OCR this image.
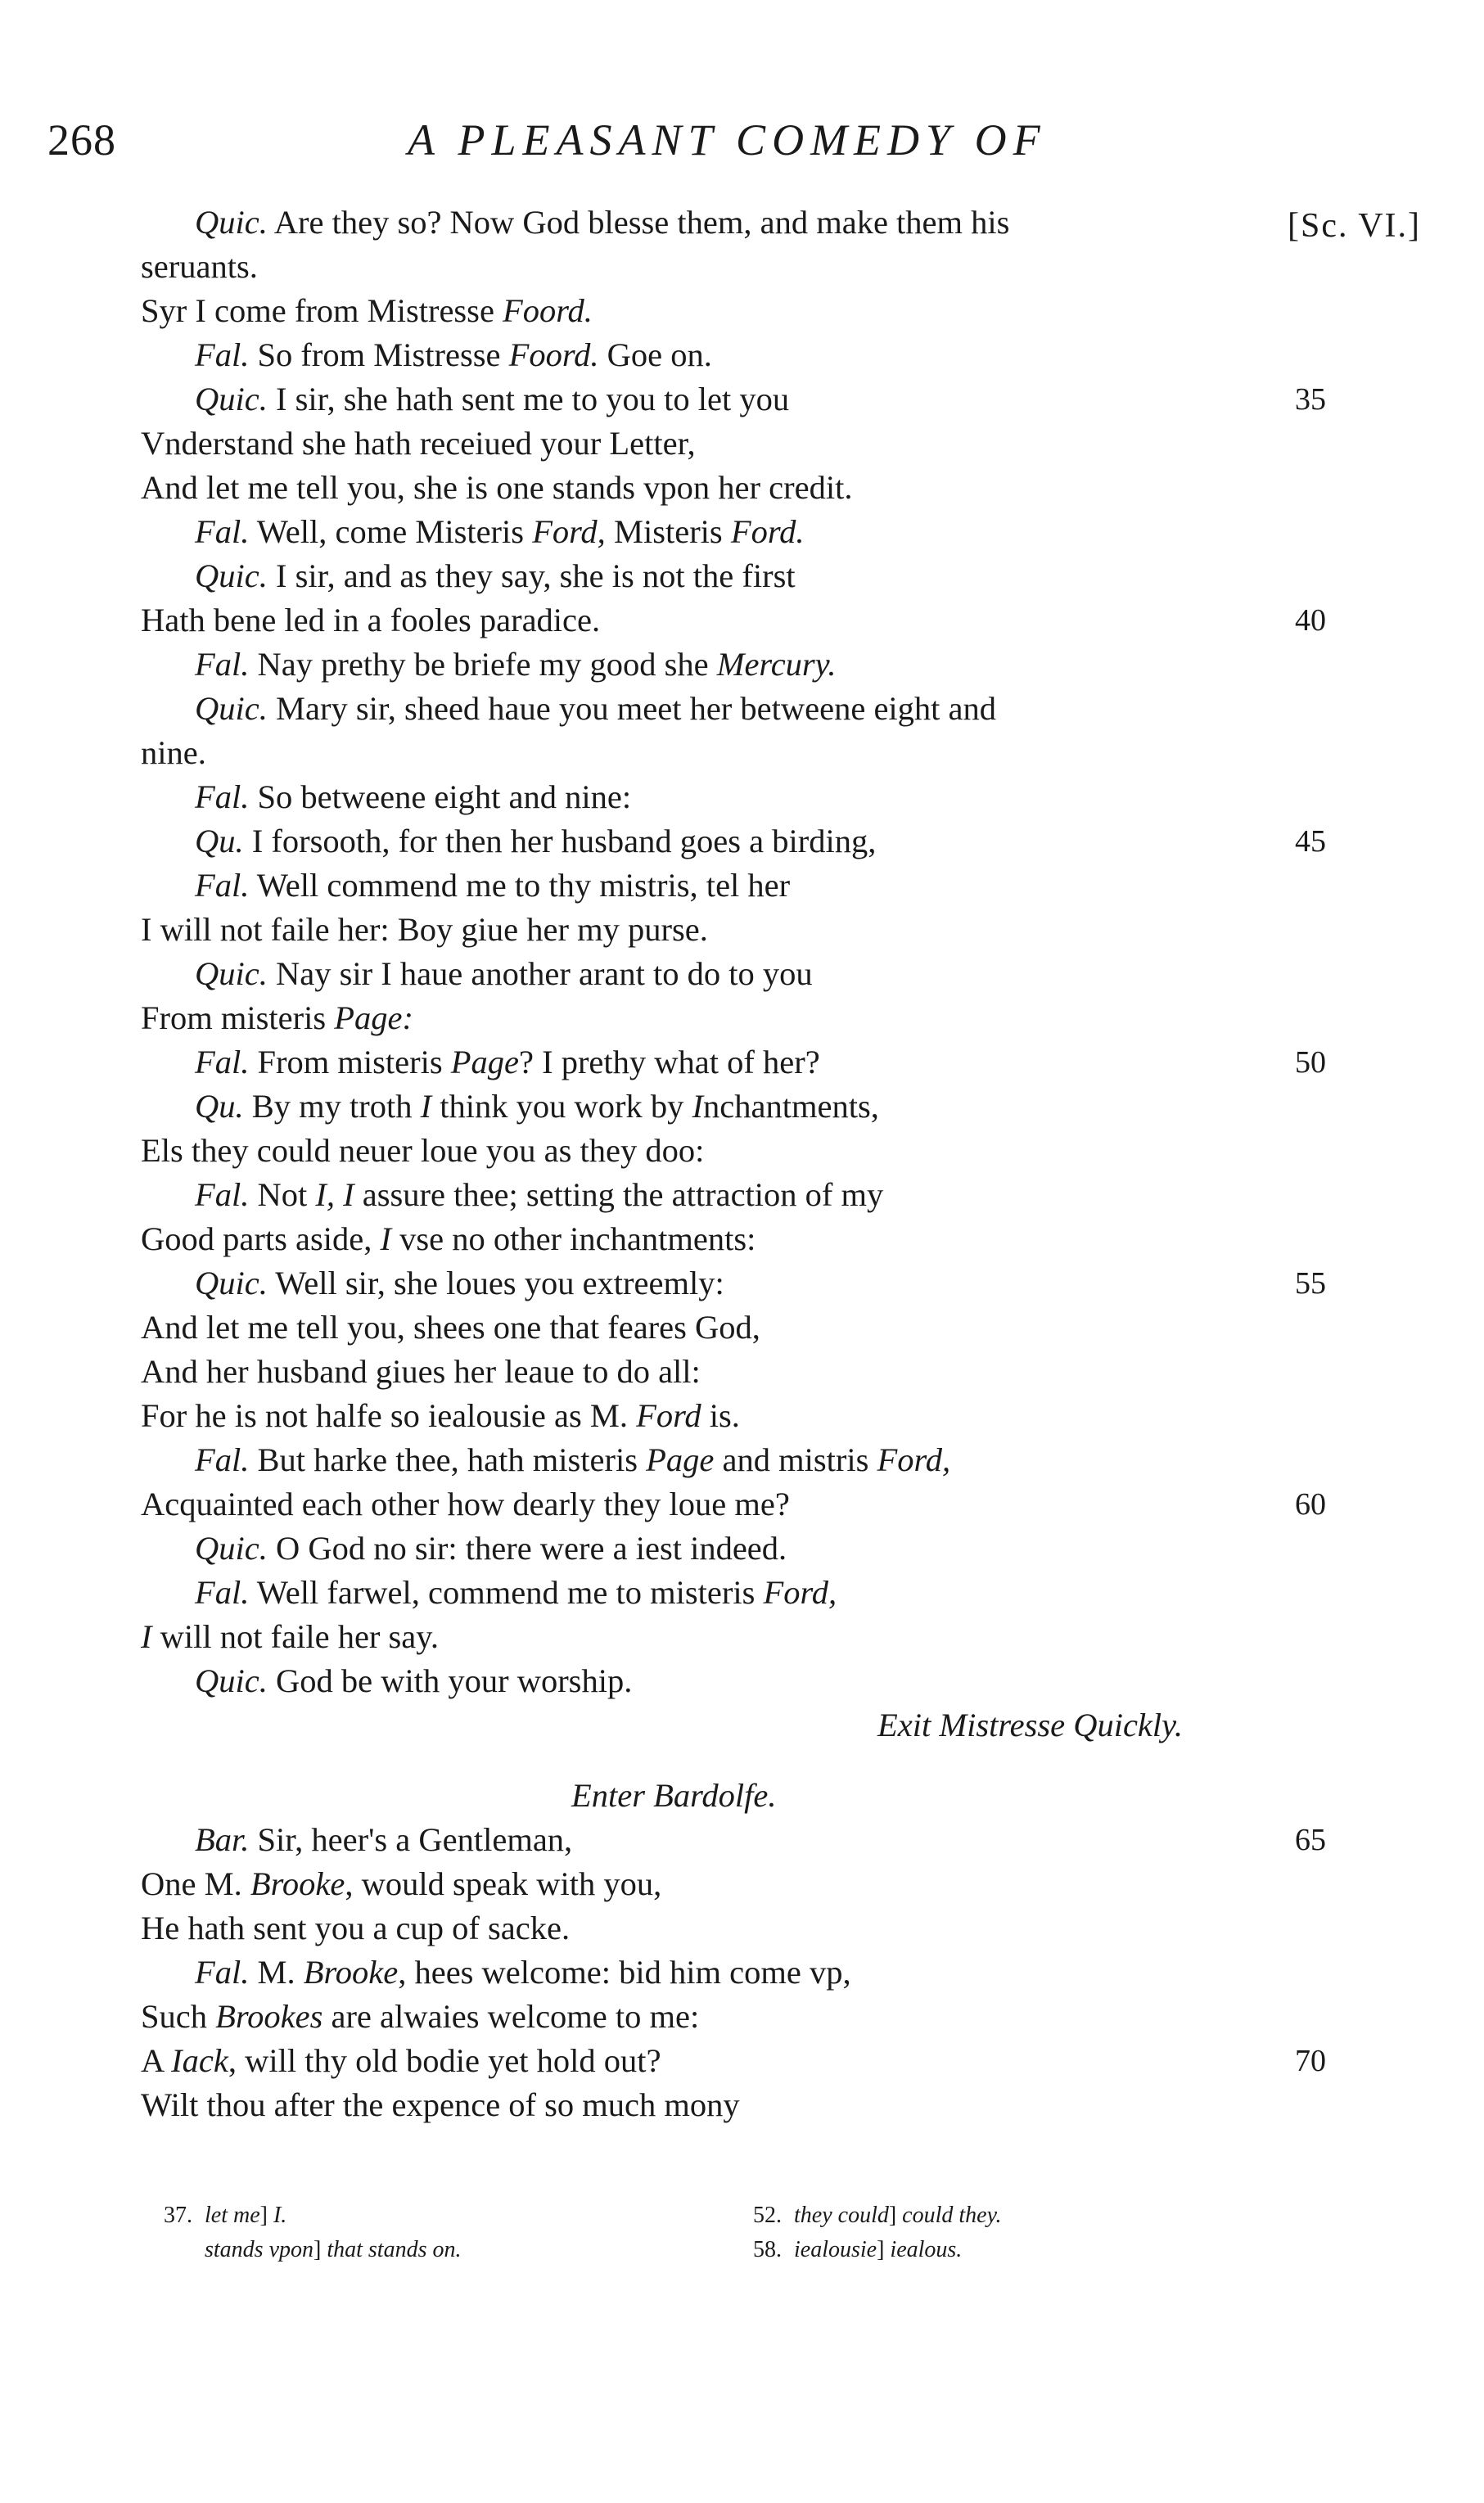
268	A PLEASANT COMEDY OF
[Sc. VI.]
Quic. Are they so? Now God blesse them, and make them his
seruants.
Syr I come from Mistresse Foord.
Fal. So from Mistresse Foord. Goe on.
Quic. I sir, she hath sent me to you to let you	35
Vnderstand she hath receiued your Letter,
And let me tell you, she is one stands vpon her credit.
Fal. Well, come Misteris Ford, Misteris Ford.
Quic. I sir, and as they say, she is not the first
Hath bene led in a fooles paradice.	40
Fal. Nay prethy be briefe my good she Mercury.
Quic. Mary sir, sheed haue you meet her betweene eight and
nine.
Fal. So betweene eight and nine:
Qu. I forsooth, for then her husband goes a birding,	45
Fal. Well commend me to thy mistris, tel her
I will not faile her: Boy giue her my purse.
Quic. Nay sir I haue another arant to do to you
From misteris Page:
Fal. From misteris Page? I prethy what of her?	50
Qu. By my troth I think you work by Inchantments,
Els they could neuer loue you as they doo:
Fal. Not I, I assure thee; setting the attraction of my
Good parts aside, I vse no other inchantments:
Quic. Well sir, she loues you extreemly:	55
And let me tell you, shees one that feares God,
And her husband giues her leaue to do all:
For he is not halfe so iealousie as M. Ford is.
Fal. But harke thee, hath misteris Page and mistris Ford,
Acquainted each other how dearly they loue me?	60
Quic. O God no sir: there were a iest indeed.
Fal. Well farwel, commend me to misteris Ford,
I will not faile her say.
Quic. God be with your worship.
Exit Mistresse Quickly.
Enter Bardolfe.
Bar. Sir, heer's a Gentleman,	65
One M. Brooke, would speak with you,
He hath sent you a cup of sacke.
Fal. M. Brooke, hees welcome: bid him come vp,
Such Brookes are alwaies welcome to me:
A Iack, will thy old bodie yet hold out?	70
Wilt thou after the expence of so much mony
37. let me] I.
stands vpon] that stands on.
52. they could] could they.
58. iealousie] iealous.
